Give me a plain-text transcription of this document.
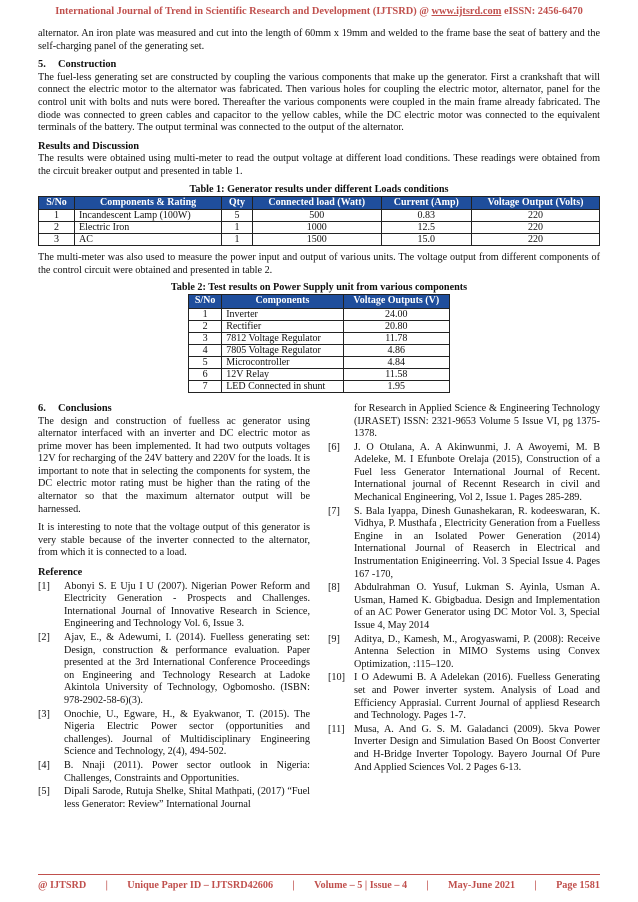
International Journal of Trend in Scientific Research and Development (IJTSRD) @ www.ijtsrd.com eISSN: 2456-6470

alternator. An iron plate was measured and cut into the length of 60mm x 19mm and welded to the frame base the seat of battery and the self-charging panel of the generating set.

5. Construction

The fuel-less generating set are constructed by coupling the various components that make up the generator. First a crankshaft that will connect the electric motor to the alternator was fabricated. Then various holes for coupling the electric motor, alternator, panel for the control unit with bolts and nuts were bored. Thereafter the various components were coupled in the main frame already fabricated. The diode was connected to green cables and capacitor to the yellow cables, while the DC electric motor was connected to the equivalent terminals of the battery. The output terminal was connected to the output of the alternator.

Results and Discussion

The results were obtained using multi-meter to read the output voltage at different load conditions. These readings were obtained from the circuit breaker output and presented in table 1.

Table 1: Generator results under different Loads conditions
S/No	Components & Rating	Qty	Connected load (Watt)	Current (Amp)	Voltage Output (Volts)
1	Incandescent Lamp (100W)	5	500	0.83	220
2	Electric Iron	1	1000	12.5	220
3	AC	1	1500	15.0	220

The multi-meter was also used to measure the power input and output of various units. The voltage output from different components of the control circuit were obtained and presented in table 2.

Table 2: Test results on Power Supply unit from various components
S/No	Components	Voltage Outputs (V)
1	Inverter	24.00
2	Rectifier	20.80
3	7812 Voltage Regulator	11.78
4	7805 Voltage Regulator	4.86
5	Microcontroller	4.84
6	12V Relay	11.58
7	LED Connected in shunt	1.95
6. Conclusions

The design and construction of fuelless ac generator using alternator interfaced with an inverter and DC electric motor as prime mover has been implemented. It had two outputs voltages 12V for recharging of the 24V battery and 220V for the loads. It is important to note that in selecting the components for system, the DC electric motor rating must be higher than the rating of the alternator so that the maximum alternator output will be harnessed.

It is interesting to note that the voltage output of this generator is very stable because of the inverter connected to the alternator, from which it is connected to a load.

Reference
[1]	Abonyi S. E Uju I U (2007). Nigerian Power Reform and Electricity Generation - Prospects and Challenges. International Journal of Innovative Research in Science, Engineering and Technology Vol. 6, Issue 3.
[2]	Ajav, E., & Adewumi, I. (2014). Fuelless generating set: Design, construction & performance evaluation. Paper presented at the 3rd International Conference Proceedings on Engineering and Technology Research at Ladoke Akintola University of Technology, Ogbomosho. (ISBN: 978-2902-58-6)(3).
[3]	Onochie, U., Egware, H., & Eyakwanor, T. (2015). The Nigeria Electric Power sector (opportunities and challenges). Journal of Multidisciplinary Engineering Science and Technology, 2(4), 494-502.
[4]	B. Nnaji (2011). Power sector outlook in Nigeria: Challenges, Constraints and Opportunities.
[5]	Dipali Sarode, Rutuja Shelke, Shital Mathpati, (2017) “Fuel less Generator: Review” International Journal
for Research in Applied Science & Engineering Technology (IJRASET) ISSN: 2321-9653 Volume 5 Issue VI, pg 1375-1378.
[6]	J. O Otulana, A. A Akinwunmi, J. A Awoyemi, M. B Adeleke, M. I Efunbote Orelaja (2015), Construction of a Fuel less Generator International Journal of Recent. International journal of Recennt Research in civil and Mechanical Engineering, Vol 2, Issue 1. Pages 285-289.
[7]	S. Bala Iyappa, Dinesh Gunashekaran, R. kodeeswaran, K. Vidhya, P. Musthafa , Electricity Generation from a Fuelless Engine in an Isolated Power Generation (2014) International Journal of Reaserch in Electrical and Instrumentation Enigineerring. Vol. 3 Special Issue 4. Pages 167 -170,
[8]	Abdulrahman O. Yusuf, Lukman S. Ayinla, Usman A. Usman, Hamed K. Gbigbadua. Design and Implementation of an AC Power Generator using DC Motor Vol. 3, Special Issue 4, May 2014
[9]	Aditya, D., Kamesh, M., Arogyaswami, P. (2008): Receive Antenna Selection in MIMO Systems using Convex Optimization, :115–120.
[10] I O Adewumi B. A Adelekan (2016). Fuelless Generating set and Power inverter system. Analysis of Load and Efficiency Apprasial. Current Journal of appliesd Research and Technology. Pages 1-7.
[11] Musa, A. And G. S. M. Galadanci (2009). 5kva Power Inverter Design and Simulation Based On Boost Converter and H-Bridge Inverter Topology. Bayero Journal Of Pure And Applied Sciences Vol. 2 Pages 6-13.
@ IJTSRD | Unique Paper ID – IJTSRD42606 | Volume – 5 | Issue – 4 | May-June 2021 | Page 1581
